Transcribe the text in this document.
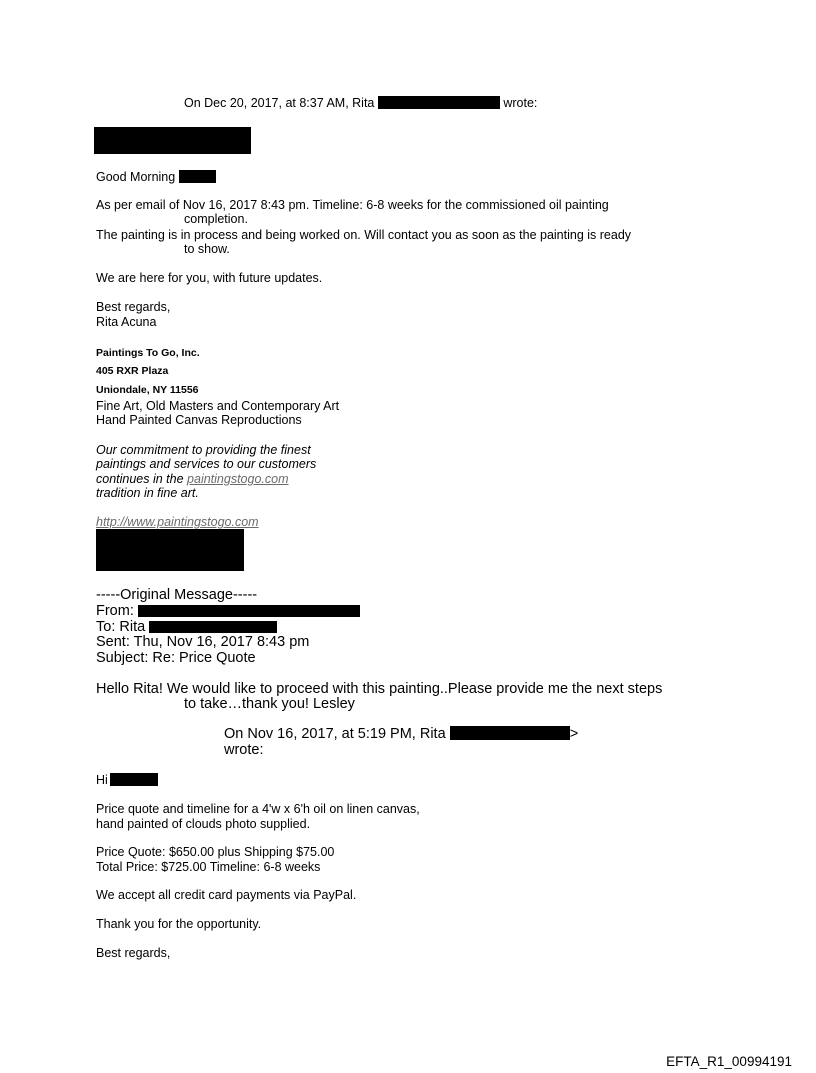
On Dec 20, 2017, at 8:37 AM, Rita	wrote:
Good Morning
As per email of Nov 16, 2017 8:43 pm. Timeline: 6-8 weeks for the commissioned oil painting
completion.
The painting is in process and being worked on. Will contact you as soon as the painting is ready
to show.
We are here for you, with future updates.
Best regards,
Rita Acuna
Paintings To Go, Inc.
405 RXR Plaza
Uniondale, NY 11556
Fine Art, Old Masters and Contemporary Art
Hand Painted Canvas Reproductions
Our commitment to providing the finest
paintings and services to our customers
continues in the paintingstogo.com
tradition in fine art.
http://www.paintingstogo.com
-----Original Message-----
From:
To: Rita
Sent: Thu, Nov 16, 2017 8:43 pm
Subject: Re: Price Quote
Hello Rita! We would like to proceed with this painting..Please provide me the next steps
to take…thank you! Lesley
On Nov 16, 2017, at 5:19 PM, Rita	>
wrote:
Hi
Price quote and timeline for a 4'w x 6'h oil on linen canvas,
hand painted of clouds photo supplied.
Price Quote: $650.00 plus Shipping $75.00
Total Price: $725.00 Timeline: 6-8 weeks
We accept all credit card payments via PayPal.
Thank you for the opportunity.
Best regards,
EFTA_R1_00994191
